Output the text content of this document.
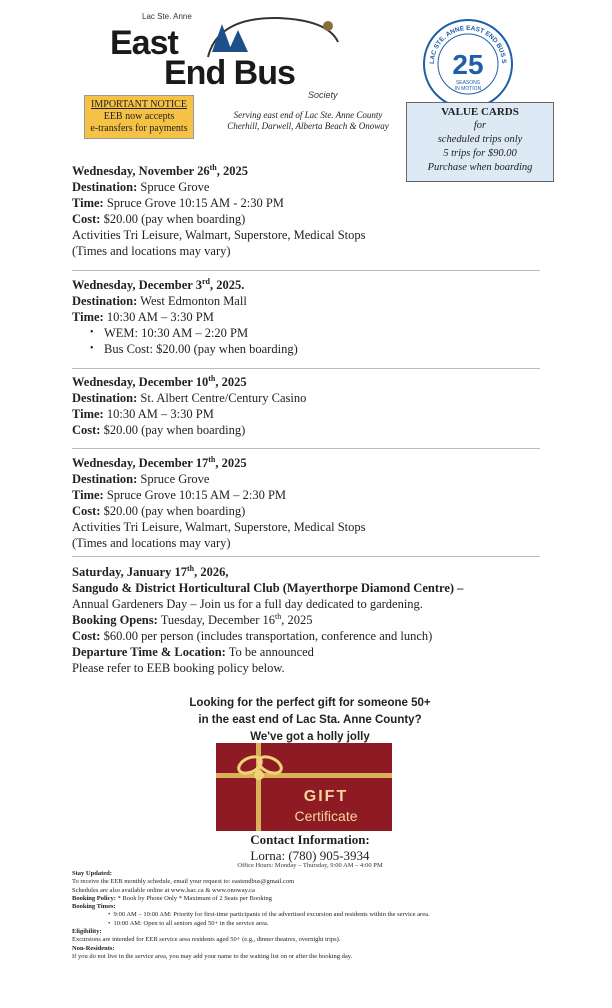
Lac Ste. Anne
East
End Bus
Society
IMPORTANT NOTICE
EEB now accepts
e-transfers for payments
Serving east end of Lac Ste. Anne County
Cherhill, Darwell, Alberta Beach & Onoway
LAC STE. ANNE EAST END BUS S
25
SEASONS
IN MOTION
VALUE CARDS
for
scheduled trips only
5 trips for $90.00
Purchase when boarding
Wednesday, November 26th, 2025
Destination: Spruce Grove
Time: Spruce Grove 10:15 AM - 2:30 PM
Cost: $20.00 (pay when boarding)
Activities Tri Leisure, Walmart, Superstore, Medical Stops
(Times and locations may vary)
Wednesday, December 3rd, 2025.
Destination: West Edmonton Mall
Time: 10:30 AM – 3:30 PM
• WEM: 10:30 AM – 2:20 PM
• Bus Cost: $20.00 (pay when boarding)
Wednesday, December 10th, 2025
Destination: St. Albert Centre/Century Casino
Time: 10:30 AM – 3:30 PM
Cost: $20.00 (pay when boarding)
Wednesday, December 17th, 2025
Destination: Spruce Grove
Time: Spruce Grove 10:15 AM – 2:30 PM
Cost: $20.00 (pay when boarding)
Activities Tri Leisure, Walmart, Superstore, Medical Stops
(Times and locations may vary)
Saturday, January 17th, 2026,
Sangudo & District Horticultural Club (Mayerthorpe Diamond Centre) –
Annual Gardeners Day – Join us for a full day dedicated to gardening.
Booking Opens: Tuesday, December 16th, 2025
Cost: $60.00 per person (includes transportation, conference and lunch)
Departure Time & Location: To be announced
Please refer to EEB booking policy below.
Looking for the perfect gift for someone 50+
in the east end of Lac Sta. Anne County?
We've got a holly jolly
GIFT
Certificate
Contact Information:
Lorna: (780) 905-3934
Office Hours: Monday – Thursday, 9:00 AM – 4:00 PM
Stay Updated:
To receive the EEB monthly schedule, email your request to: eastendbus@gmail.com
Schedules are also available online at www.lsac.ca & www.onoway.ca
Booking Policy: * Book by Phone Only * Maximum of 2 Seats per Booking
Booking Times:
•  9:00 AM – 10:00 AM: Priority for first-time participants of the advertised excursion and residents within the service area.
•  10:00 AM: Open to all seniors aged 50+ in the service area.
Eligibility:
Excursions are intended for EEB service area residents aged 50+ (e.g., dinner theatres, overnight trips).
Non-Residents:
If you do not live in the service area, you may add your name to the waiting list on or after the booking day.
